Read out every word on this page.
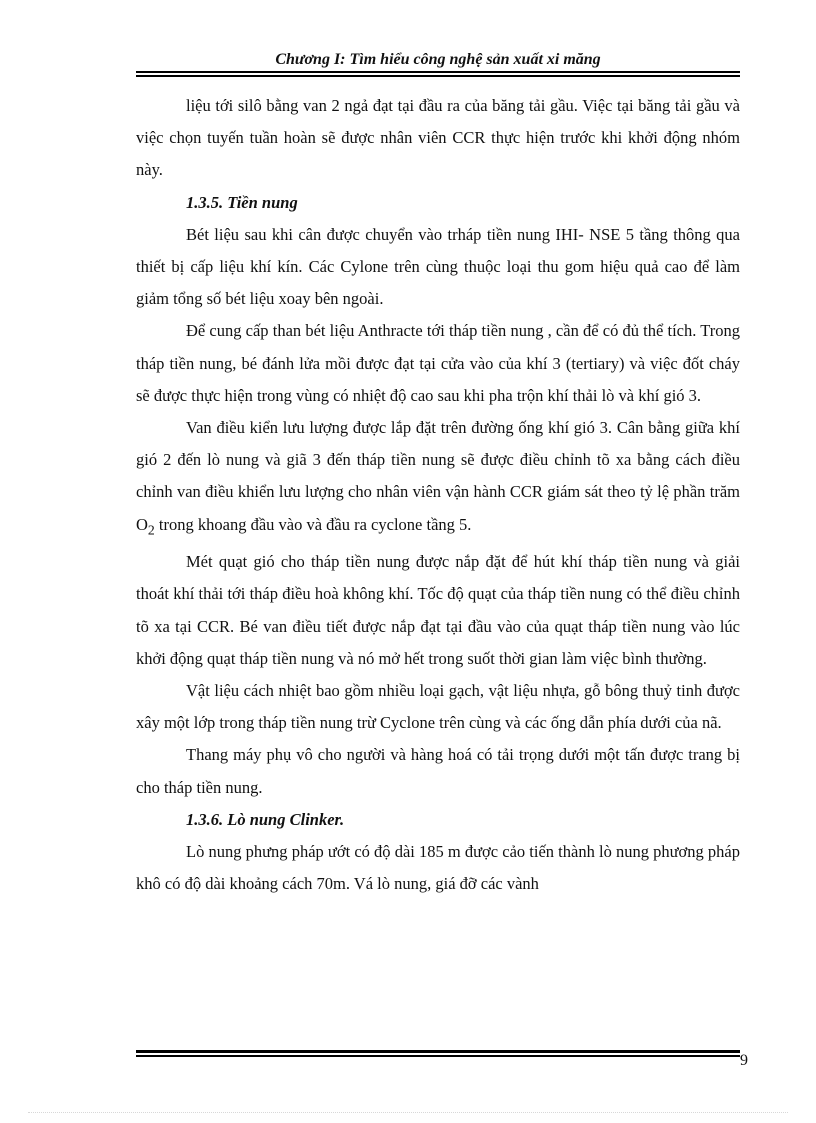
Chương I: Tìm hiểu công nghệ sản xuất xi măng

liệu tới silô bằng van 2 ngả đạt tại đầu ra của băng tải gầu. Việc tại băng tải gầu và việc chọn tuyến tuần hoàn sẽ được nhân viên CCR thực hiện trước khi khởi động nhóm này.

1.3.5. Tiền nung

Bét liệu sau khi cân được chuyển vào trháp tiền nung IHI- NSE 5 tầng thông qua thiết bị cấp liệu khí kín. Các Cylone trên cùng thuộc loại thu gom hiệu quả cao để làm giảm tổng số bét liệu xoay bên ngoài.

Để cung cấp than bét liệu Anthracte tới tháp tiền nung , cần để có đủ thể tích. Trong tháp tiền nung, bé đánh lửa mồi được đạt tại cửa vào của khí 3 (tertiary) và việc đốt cháy sẽ được thực hiện trong vùng có nhiệt độ cao sau khi pha trộn khí thải lò và khí gió 3.

Van điều kiển lưu lượng được lắp đặt trên đường ống khí gió 3. Cân bằng giữa khí gió 2 đến lò nung và giã 3 đến tháp tiền nung sẽ được điều chỉnh tõ xa bằng cách điều chỉnh van điều khiển lưu lượng cho nhân viên vận hành CCR giám sát theo tỷ lệ phần trăm $O_2$ trong khoang đầu vào và đầu ra cyclone tầng 5.

Mét quạt gió cho tháp tiền nung được nắp đặt để hút khí tháp tiền nung và giải thoát khí thải tới tháp điều hoà không khí. Tốc độ quạt của tháp tiền nung có thể điều chỉnh tõ xa tại CCR. Bé van điều tiết được nắp đạt tại đầu vào của quạt tháp tiền nung vào lúc khởi động quạt tháp tiền nung và nó mở hết trong suốt thời gian làm việc bình thường.

Vật liệu cách nhiệt bao gồm nhiều loại gạch, vật liệu nhựa, gỗ bông thuỷ tinh được xây một lớp trong tháp tiền nung trừ Cyclone trên cùng và các ống dẫn phía dưới của nã.

Thang máy phụ vô cho người và hàng hoá có tải trọng dưới một tấn được trang bị cho tháp tiền nung.

1.3.6. Lò nung Clinker.

Lò nung phưng pháp ướt có độ dài 185 m được cảo tiến thành lò nung phương pháp khô có độ dài khoảng cách 70m. Vá lò nung, giá đỡ các vành

9
